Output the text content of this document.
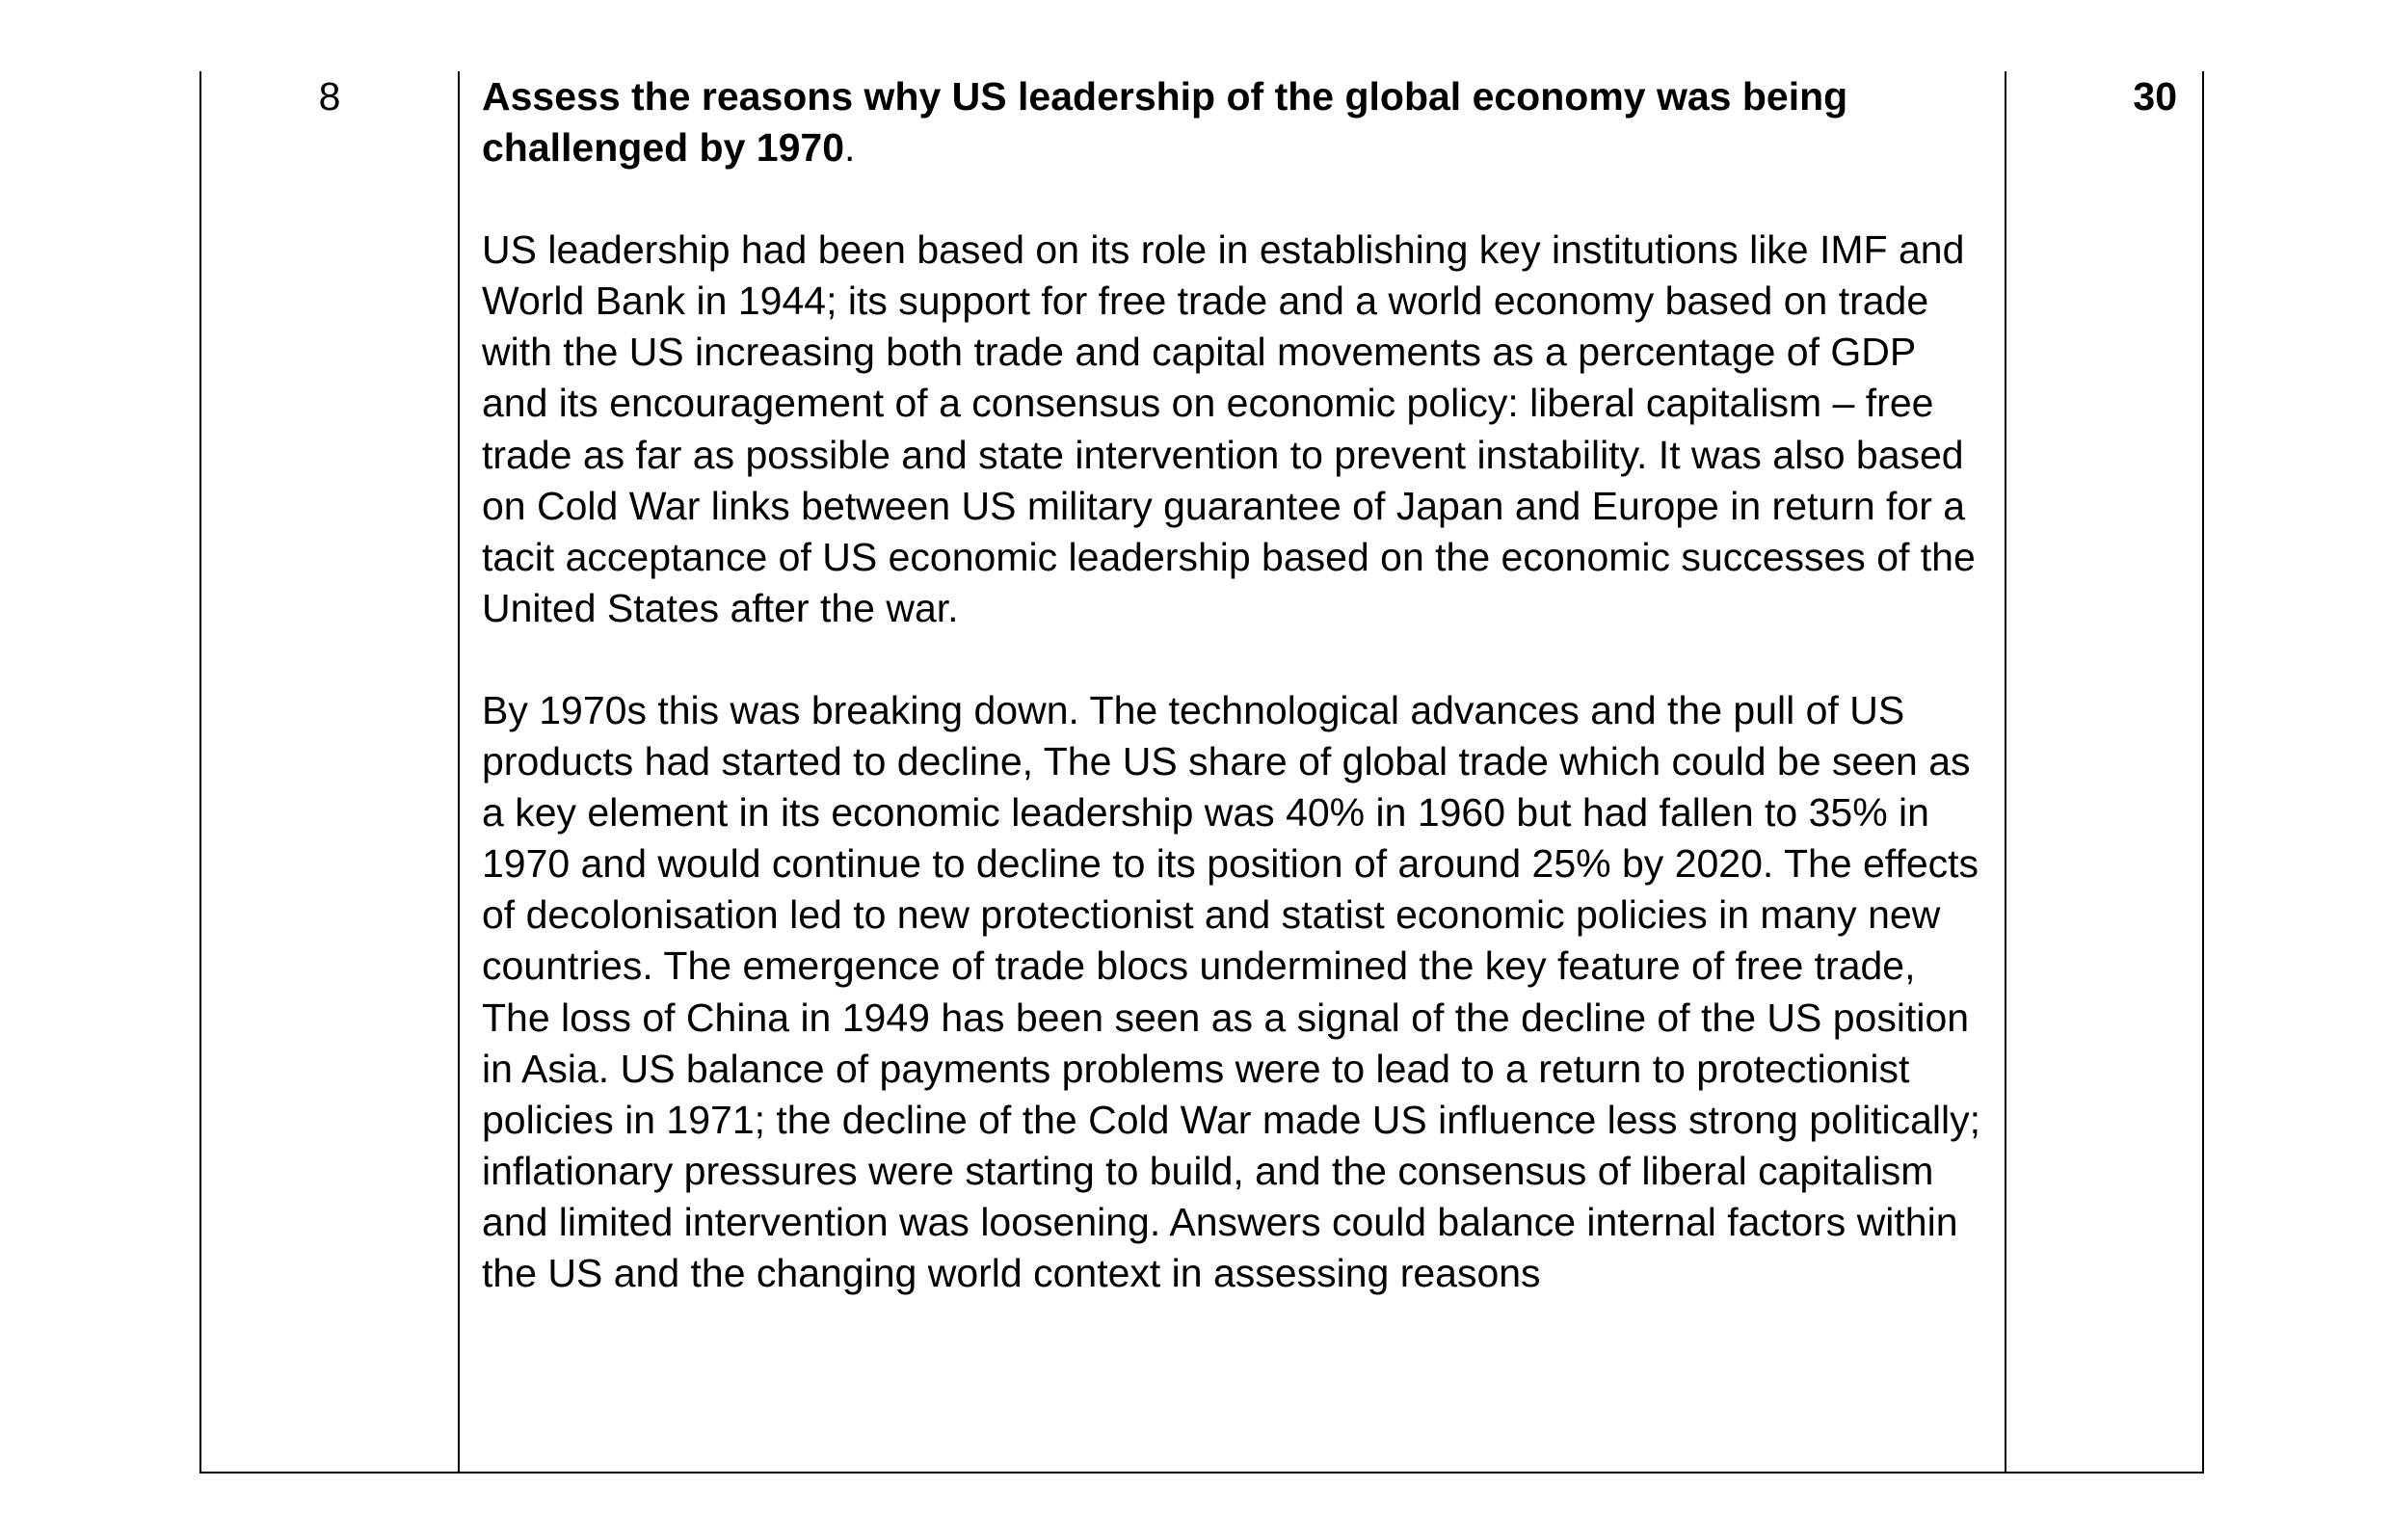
8	Assess the reasons why US leadership of the global economy was being challenged by 1970.

US leadership had been based on its role in establishing key institutions like IMF and World Bank in 1944; its support for free trade and a world economy based on trade with the US increasing both trade and capital movements as a percentage of GDP and its encouragement of a consensus on economic policy: liberal capitalism – free trade as far as possible and state intervention to prevent instability. It was also based on Cold War links between US military guarantee of Japan and Europe in return for a tacit acceptance of US economic leadership based on the economic successes of the United States after the war.

By 1970s this was breaking down. The technological advances and the pull of US products had started to decline, The US share of global trade which could be seen as a key element in its economic leadership was 40% in 1960 but had fallen to 35% in 1970 and would continue to decline to its position of around 25% by 2020. The effects of decolonisation led to new protectionist and statist economic policies in many new countries. The emergence of trade blocs undermined the key feature of free trade, The loss of China in 1949 has been seen as a signal of the decline of the US position in Asia. US balance of payments problems were to lead to a return to protectionist policies in 1971; the decline of the Cold War made US influence less strong politically; inflationary pressures were starting to build, and the consensus of liberal capitalism and limited intervention was loosening. Answers could balance internal factors within the US and the changing world context in assessing reasons

30
